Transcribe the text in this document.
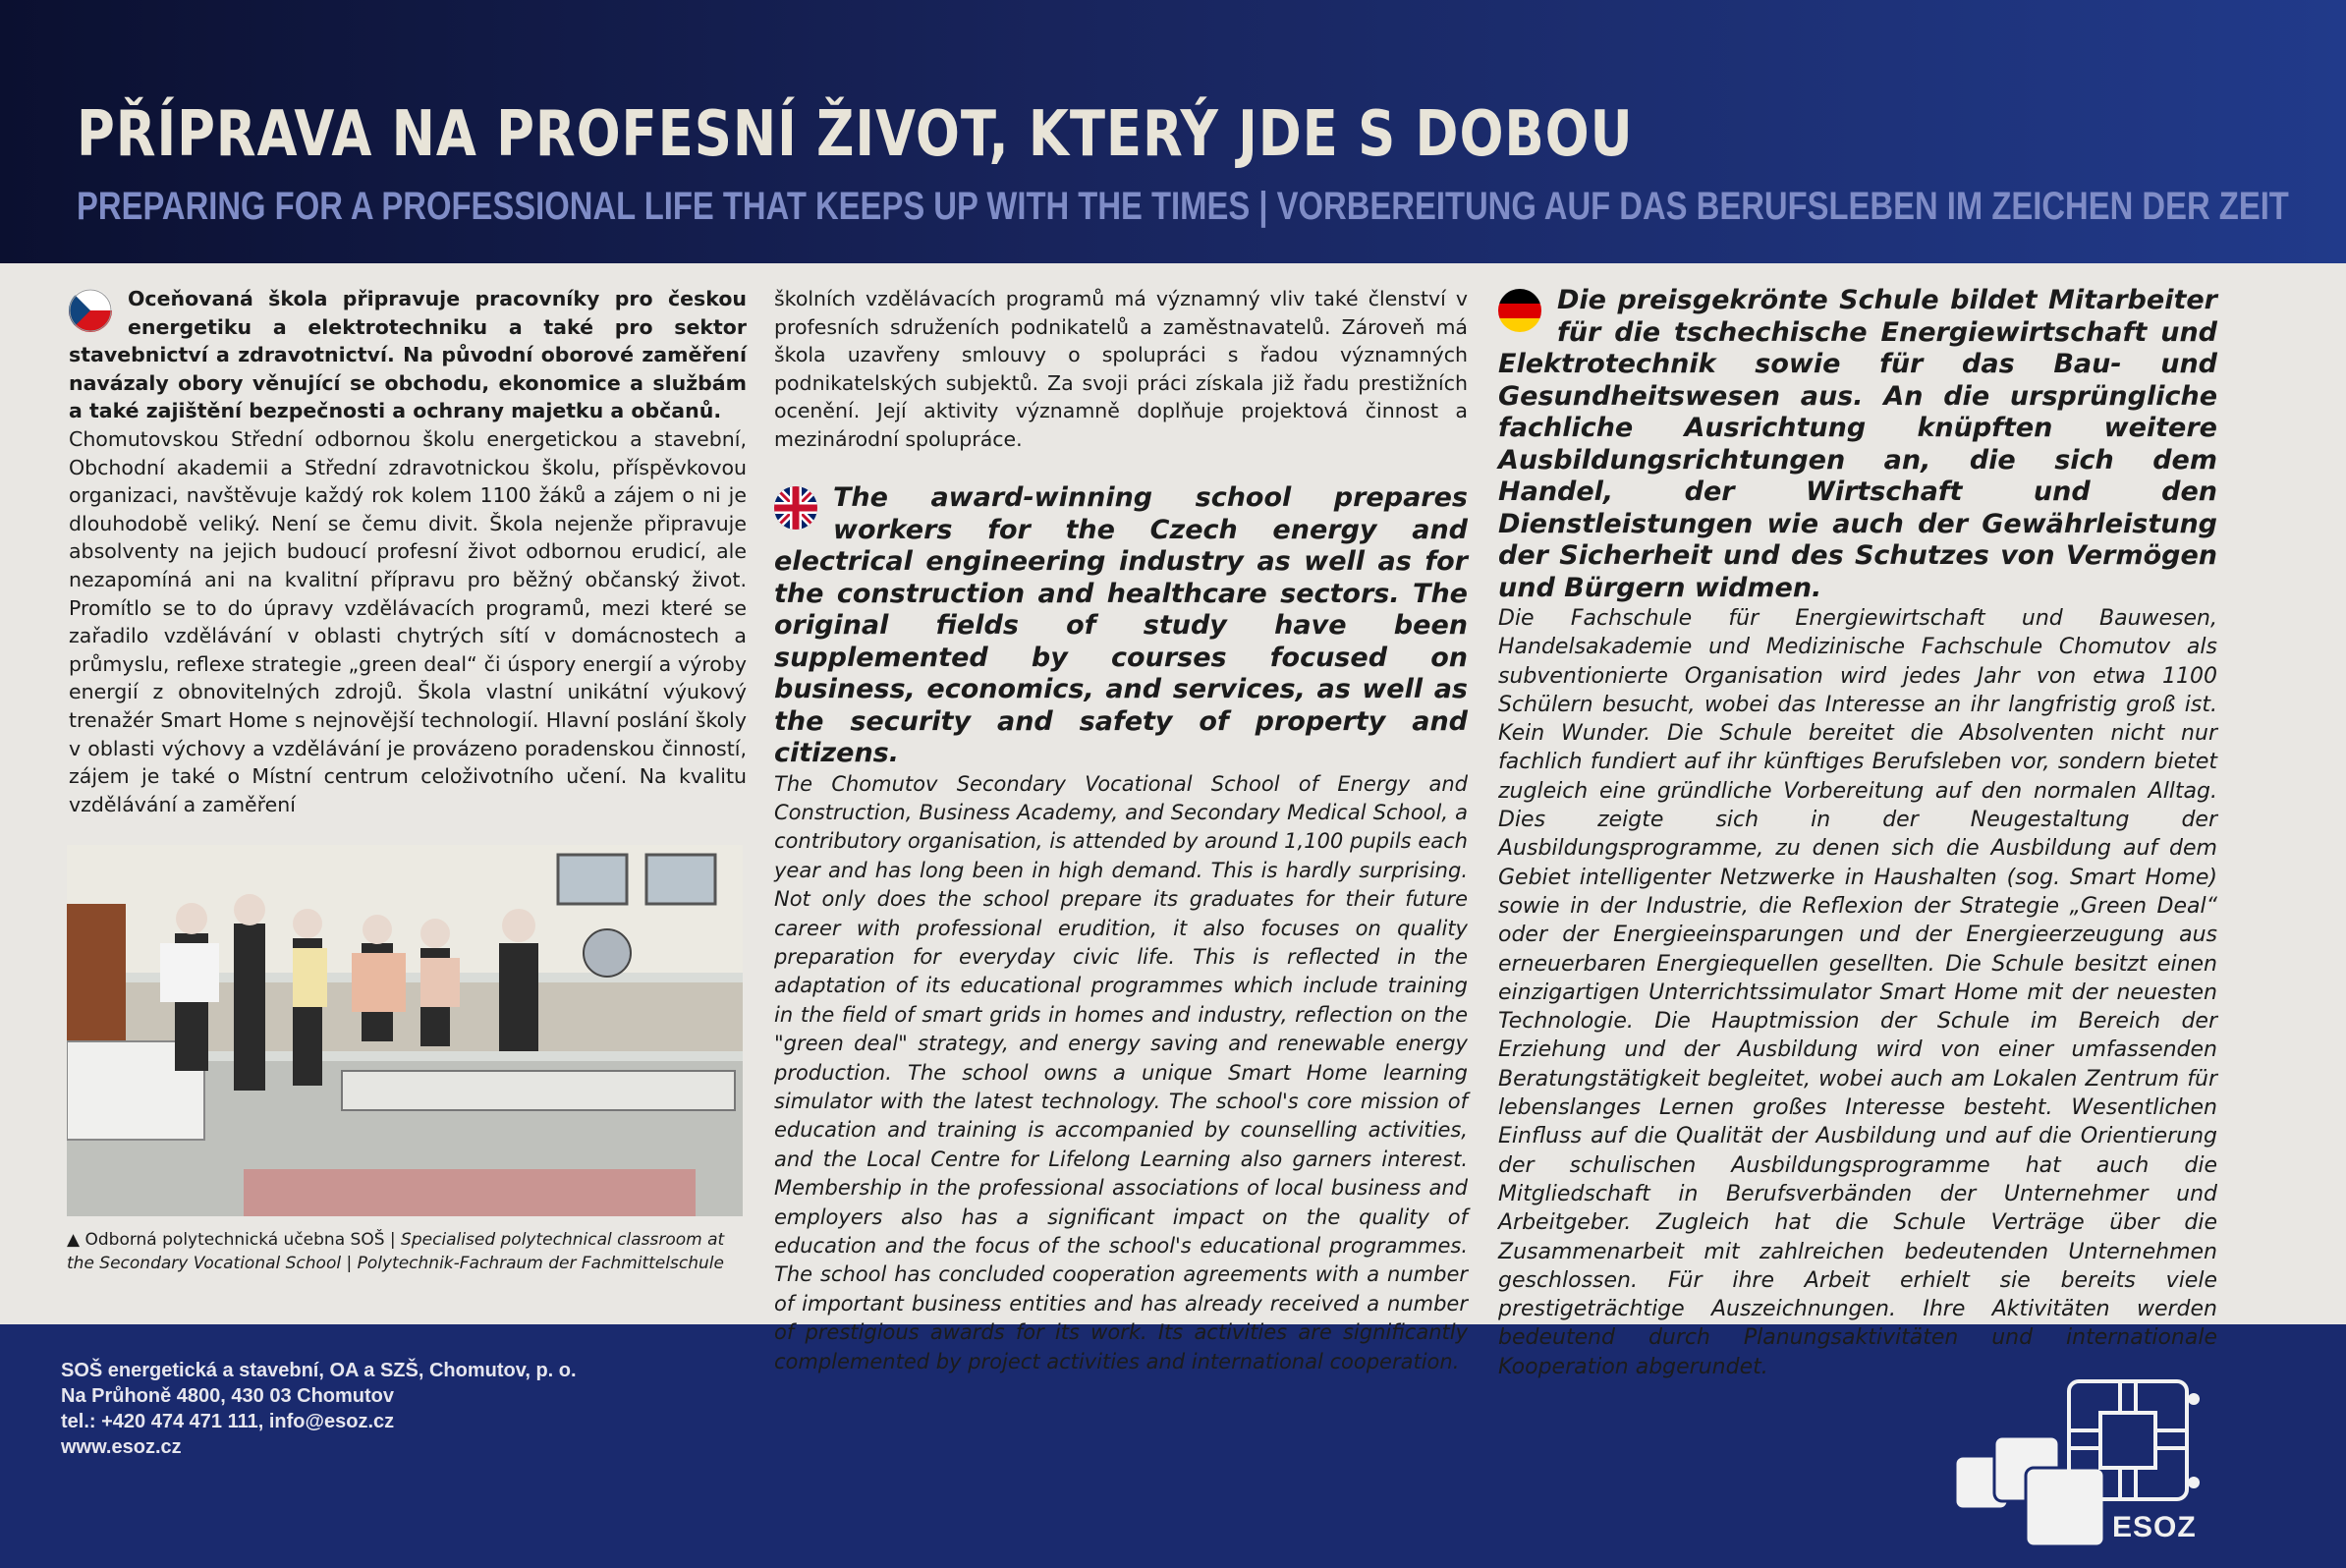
PŘÍPRAVA NA PROFESNÍ ŽIVOT, KTERÝ JDE S DOBOU
PREPARING FOR A PROFESSIONAL LIFE THAT KEEPS UP WITH THE TIMES | VORBEREITUNG AUF DAS BERUFSLEBEN IM ZEICHEN DER ZEIT

Oceňovaná škola připravuje pracovníky pro českou energetiku a elektrotechniku a také pro sektor stavebnictví a zdravotnictví. Na původní oborové zaměření navázaly obory věnující se obchodu, ekonomice a službám a také zajištění bezpečnosti a ochrany majetku a občanů.

Chomutovskou Střední odbornou školu energetickou a stavební, Obchodní akademii a Střední zdravotnickou školu, příspěvkovou organizaci, navštěvuje každý rok kolem 1100 žáků a zájem o ni je dlouhodobě veliký. Není se čemu divit. Škola nejenže připravuje absolventy na jejich budoucí profesní život odbornou erudicí, ale nezapomíná ani na kvalitní přípravu pro běžný občanský život. Promítlo se to do úpravy vzdělávacích programů, mezi které se zařadilo vzdělávání v oblasti chytrých sítí v domácnostech a průmyslu, reflexe strategie „green deal“ či úspory energií a výroby energií z obnovitelných zdrojů. Škola vlastní unikátní výukový trenažér Smart Home s nejnovější technologií. Hlavní poslání školy v oblasti výchovy a vzdělávání je provázeno poradenskou činností, zájem je také o Místní centrum celoživotního učení. Na kvalitu vzdělávání a zaměření

▲ Odborná polytechnická učebna SOŠ | Specialised polytechnical classroom at the Secondary Vocational School | Polytechnik-Fachraum der Fachmittelschule

školních vzdělávacích programů má významný vliv také členství v profesních sdruženích podnikatelů a zaměstnavatelů. Zároveň má škola uzavřeny smlouvy o spolupráci s řadou významných podnikatelských subjektů. Za svoji práci získala již řadu prestižních ocenění. Její aktivity významně doplňuje projektová činnost a mezinárodní spolupráce.

The award-winning school prepares workers for the Czech energy and electrical engineering industry as well as for the construction and healthcare sectors. The original fields of study have been supplemented by courses focused on business, economics, and services, as well as the security and safety of property and citizens.

The Chomutov Secondary Vocational School of Energy and Construction, Business Academy, and Secondary Medical School, a contributory organisation, is attended by around 1,100 pupils each year and has long been in high demand. This is hardly surprising. Not only does the school prepare its graduates for their future career with professional erudition, it also focuses on quality preparation for everyday civic life. This is reflected in the adaptation of its educational programmes which include training in the field of smart grids in homes and industry, reflection on the "green deal" strategy, and energy saving and renewable energy production. The school owns a unique Smart Home learning simulator with the latest technology. The school's core mission of education and training is accompanied by counselling activities, and the Local Centre for Lifelong Learning also garners interest. Membership in the professional associations of local business and employers also has a significant impact on the quality of education and the focus of the school's educational programmes. The school has concluded cooperation agreements with a number of important business entities and has already received a number of prestigious awards for its work. Its activities are significantly complemented by project activities and international cooperation.

Die preisgekrönte Schule bildet Mitarbeiter für die tschechische Energiewirtschaft und Elektrotechnik sowie für das Bau- und Gesundheitswesen aus. An die ursprüngliche fachliche Ausrichtung knüpften weitere Ausbildungsrichtungen an, die sich dem Handel, der Wirtschaft und den Dienstleistungen wie auch der Gewährleistung der Sicherheit und des Schutzes von Vermögen und Bürgern widmen.

Die Fachschule für Energiewirtschaft und Bauwesen, Handelsakademie und Medizinische Fachschule Chomutov als subventionierte Organisation wird jedes Jahr von etwa 1100 Schülern besucht, wobei das Interesse an ihr langfristig groß ist. Kein Wunder. Die Schule bereitet die Absolventen nicht nur fachlich fundiert auf ihr künftiges Berufsleben vor, sondern bietet zugleich eine gründliche Vorbereitung auf den normalen Alltag. Dies zeigte sich in der Neugestaltung der Ausbildungsprogramme, zu denen sich die Ausbildung auf dem Gebiet intelligenter Netzwerke in Haushalten (sog. Smart Home) sowie in der Industrie, die Reflexion der Strategie „Green Deal“ oder der Energieeinsparungen und der Energieerzeugung aus erneuerbaren Energiequellen gesellten. Die Schule besitzt einen einzigartigen Unterrichtssimulator Smart Home mit der neuesten Technologie. Die Hauptmission der Schule im Bereich der Erziehung und der Ausbildung wird von einer umfassenden Beratungstätigkeit begleitet, wobei auch am Lokalen Zentrum für lebenslanges Lernen großes Interesse besteht. Wesentlichen Einfluss auf die Qualität der Ausbildung und auf die Orientierung der schulischen Ausbildungsprogramme hat auch die Mitgliedschaft in Berufsverbänden der Unternehmer und Arbeitgeber. Zugleich hat die Schule Verträge über die Zusammenarbeit mit zahlreichen bedeutenden Unternehmen geschlossen. Für ihre Arbeit erhielt sie bereits viele prestigeträchtige Auszeichnungen. Ihre Aktivitäten werden bedeutend durch Planungsaktivitäten und internationale Kooperation abgerundet.

SOŠ energetická a stavební, OA a SZŠ, Chomutov, p. o.
Na Průhoně 4800, 430 03 Chomutov
tel.: +420 474 471 111, info@esoz.cz
www.esoz.cz
ESOZ
